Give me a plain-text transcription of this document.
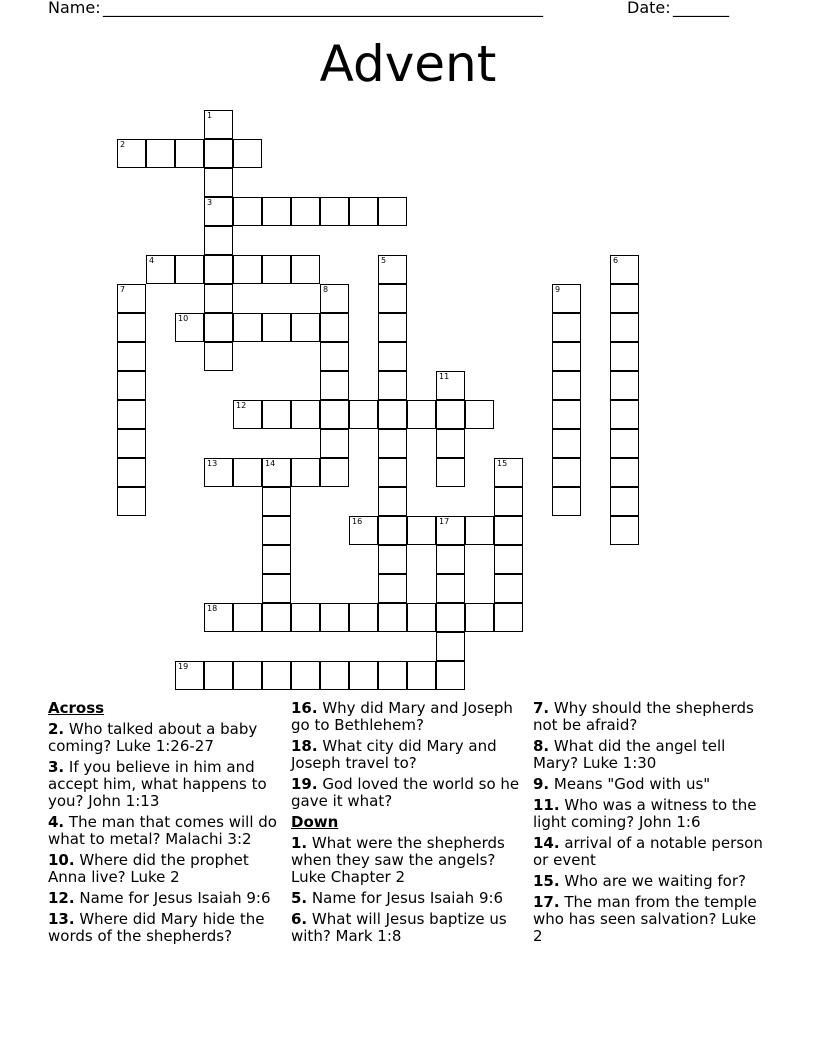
Name: _______________________________________________________	Date: _______
Advent
1
3
2
4	5	6
7	8	9
10
11
12
13	14	15
16	17
18
19
Across
2. Who talked about a baby coming? Luke 1:26-27
3. If you believe in him and accept him, what happens to you? John 1:13
4. The man that comes will do what to metal? Malachi 3:2
10. Where did the prophet Anna live? Luke 2
12. Name for Jesus Isaiah 9:6
13. Where did Mary hide the words of the shepherds?
16. Why did Mary and Joseph go to Bethlehem?
18. What city did Mary and Joseph travel to?
19. God loved the world so he gave it what?
Down
1. What were the shepherds when they saw the angels? Luke Chapter 2
5. Name for Jesus Isaiah 9:6
6. What will Jesus baptize us with? Mark 1:8
7. Why should the shepherds not be afraid?
8. What did the angel tell Mary? Luke 1:30
9. Means "God with us"
11. Who was a witness to the light coming? John 1:6
14. arrival of a notable person or event
15. Who are we waiting for?
17. The man from the temple who has seen salvation? Luke 2
